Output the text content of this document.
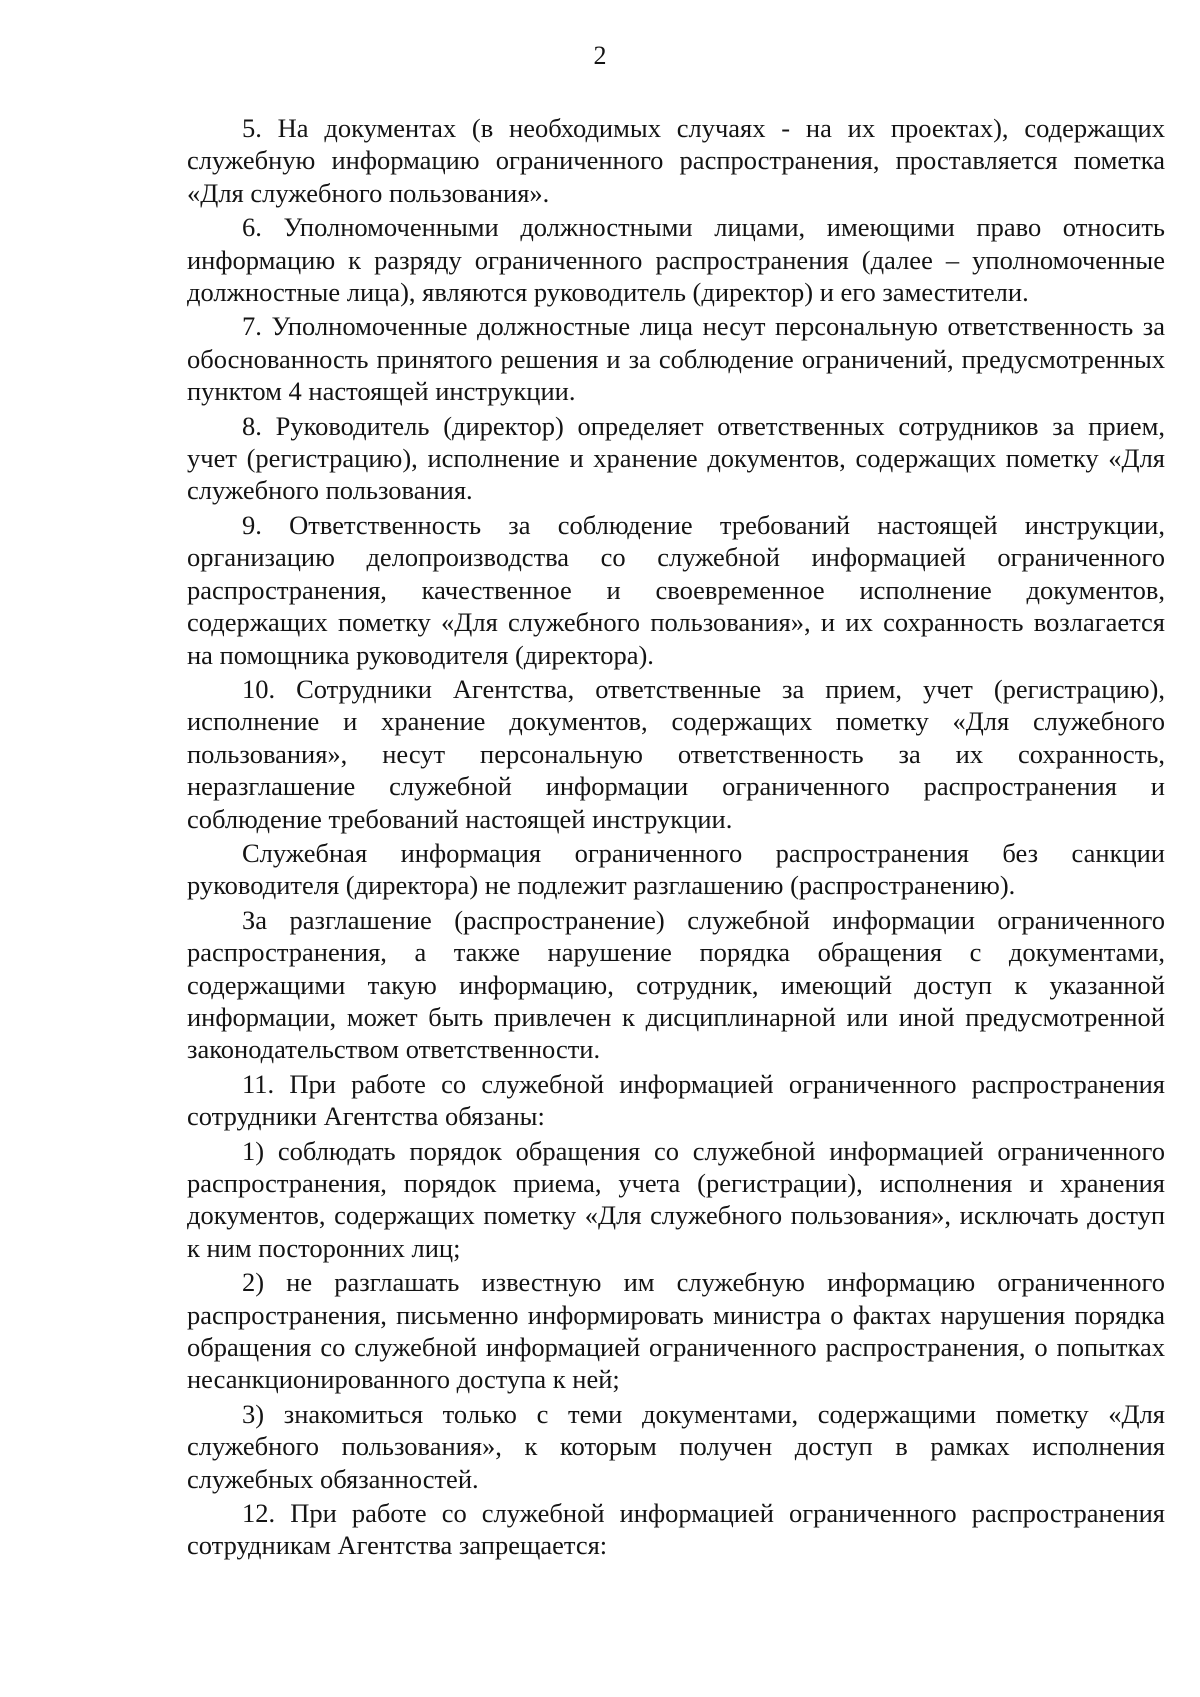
2

5. На документах (в необходимых случаях - на их проектах), содержащих служебную информацию ограниченного распространения, проставляется пометка «Для служебного пользования».

6. Уполномоченными должностными лицами, имеющими право относить информацию к разряду ограниченного распространения (далее – уполномоченные должностные лица), являются руководитель (директор) и его заместители.

7. Уполномоченные должностные лица несут персональную ответственность за обоснованность принятого решения и за соблюдение ограничений, предусмотренных пунктом 4 настоящей инструкции.

8. Руководитель (директор) определяет ответственных сотрудников за прием, учет (регистрацию), исполнение и хранение документов, содержащих пометку «Для служебного пользования.

9. Ответственность за соблюдение требований настоящей инструкции, организацию делопроизводства со служебной информацией ограниченного распространения, качественное и своевременное исполнение документов, содержащих пометку «Для служебного пользования», и их сохранность возлагается на помощника руководителя (директора).

10. Сотрудники Агентства, ответственные за прием, учет (регистрацию), исполнение и хранение документов, содержащих пометку «Для служебного пользования», несут персональную ответственность за их сохранность, неразглашение служебной информации ограниченного распространения и соблюдение требований настоящей инструкции.

Служебная информация ограниченного распространения без санкции руководителя (директора) не подлежит разглашению (распространению).

За разглашение (распространение) служебной информации ограниченного распространения, а также нарушение порядка обращения с документами, содержащими такую информацию, сотрудник, имеющий доступ к указанной информации, может быть привлечен к дисциплинарной или иной предусмотренной законодательством ответственности.

11. При работе со служебной информацией ограниченного распространения сотрудники Агентства обязаны:

1) соблюдать порядок обращения со служебной информацией ограниченного распространения, порядок приема, учета (регистрации), исполнения и хранения документов, содержащих пометку «Для служебного пользования», исключать доступ к ним посторонних лиц;

2) не разглашать известную им служебную информацию ограниченного распространения, письменно информировать министра о фактах нарушения порядка обращения со служебной информацией ограниченного распространения, о попытках несанкционированного доступа к ней;

3) знакомиться только с теми документами, содержащими пометку «Для служебного пользования», к которым получен доступ в рамках исполнения служебных обязанностей.

12. При работе со служебной информацией ограниченного распространения сотрудникам Агентства запрещается:
